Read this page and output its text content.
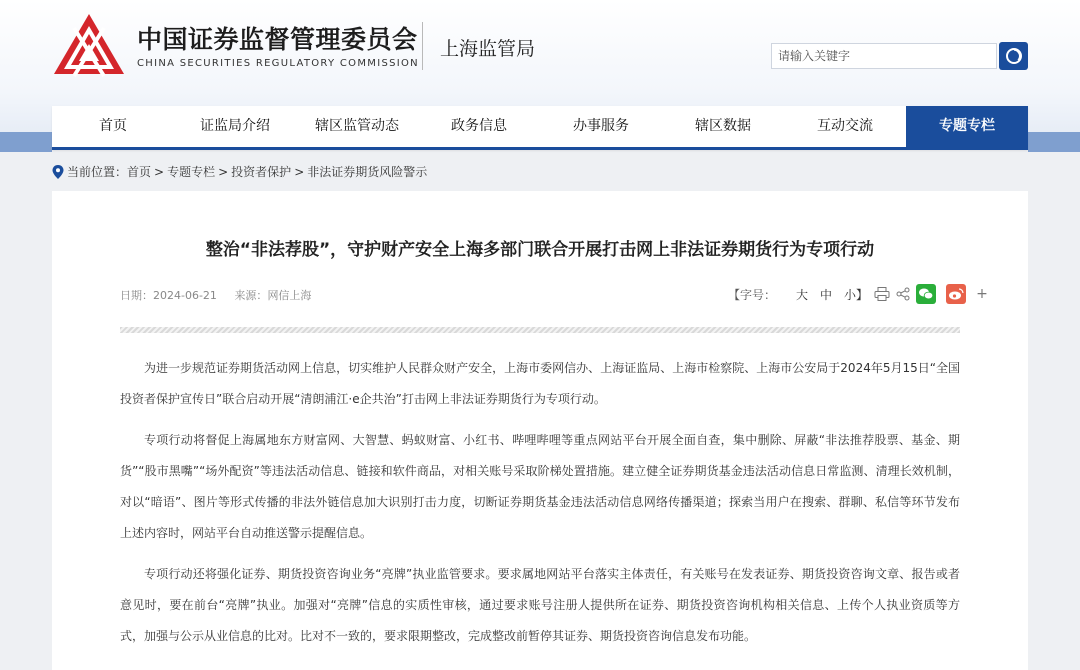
中国证券监督管理委员会
CHINA SECURITIES REGULATORY COMMISSION
上海监管局
请输入关键字
首页	证监局介绍	辖区监管动态	政务信息	办事服务	辖区数据	互动交流	专题专栏
当前位置： 首页 > 专题专栏 > 投资者保护 > 非法证券期货风险警示
整治“非法荐股”，守护财产安全上海多部门联合开展打击网上非法证券期货行为专项行动
日期：2024-06-21 来源：网信上海	【字号： 大 中 小】	+

为进一步规范证券期货活动网上信息，切实维护人民群众财产安全，上海市委网信办、上海证监局、上海市检察院、上海市公安局于2024年5月15日“全国投资者保护宣传日”联合启动开展“清朗浦江·e企共治”打击网上非法证券期货行为专项行动。

专项行动将督促上海属地东方财富网、大智慧、蚂蚁财富、小红书、哔哩哔哩等重点网站平台开展全面自查，集中删除、屏蔽“非法推荐股票、基金、期货”“股市黑嘴”“场外配资”等违法活动信息、链接和软件商品，对相关账号采取阶梯处置措施。建立健全证券期货基金违法活动信息日常监测、清理长效机制，对以“暗语”、图片等形式传播的非法外链信息加大识别打击力度，切断证券期货基金违法活动信息网络传播渠道；探索当用户在搜索、群聊、私信等环节发布上述内容时，网站平台自动推送警示提醒信息。

专项行动还将强化证券、期货投资咨询业务“亮牌”执业监管要求。要求属地网站平台落实主体责任，有关账号在发表证券、期货投资咨询文章、报告或者意见时，要在前台“亮牌”执业。加强对“亮牌”信息的实质性审核，通过要求账号注册人提供所在证券、期货投资咨询机构相关信息、上传个人执业资质等方式，加强与公示从业信息的比对。比对不一致的，要求限期整改，完成整改前暂停其证券、期货投资咨询信息发布功能。
